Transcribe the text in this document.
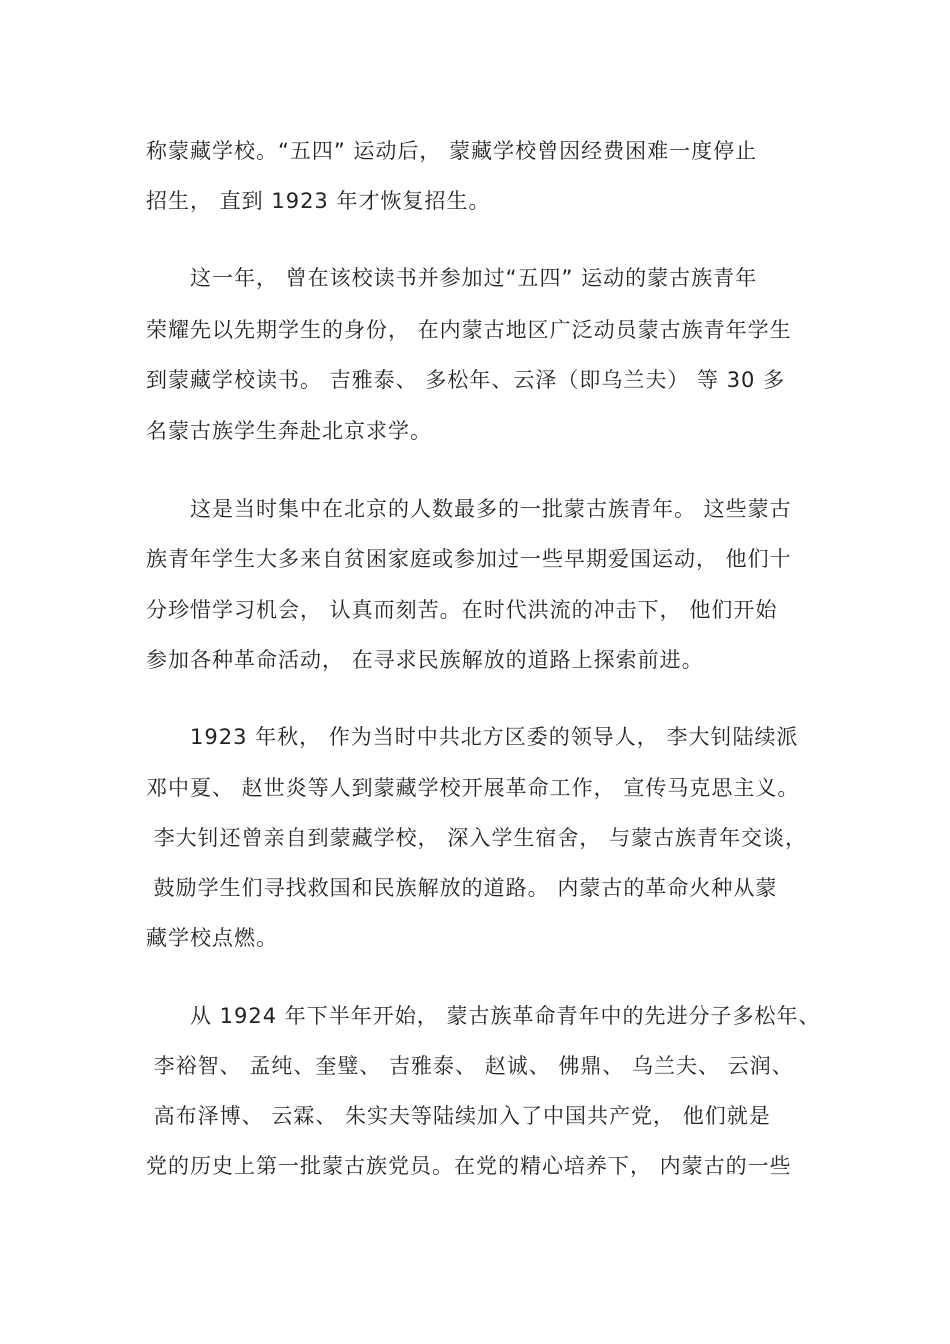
称蒙藏学校。“五四” 运动后， 蒙藏学校曾因经费困难一度停止
招生， 直到 1923 年才恢复招生。
　　这一年， 曾在该校读书并参加过“五四” 运动的蒙古族青年
荣耀先以先期学生的身份， 在内蒙古地区广泛动员蒙古族青年学生
到蒙藏学校读书。 吉雅泰、 多松年、云泽（即乌兰夫） 等 30 多
名蒙古族学生奔赴北京求学。
　　这是当时集中在北京的人数最多的一批蒙古族青年。 这些蒙古
族青年学生大多来自贫困家庭或参加过一些早期爱国运动， 他们十
分珍惜学习机会， 认真而刻苦。在时代洪流的冲击下， 他们开始
参加各种革命活动， 在寻求民族解放的道路上探索前进。
　　1923 年秋， 作为当时中共北方区委的领导人， 李大钊陆续派
邓中夏、 赵世炎等人到蒙藏学校开展革命工作， 宣传马克思主义。
李大钊还曾亲自到蒙藏学校， 深入学生宿舍， 与蒙古族青年交谈，
鼓励学生们寻找救国和民族解放的道路。 内蒙古的革命火种从蒙
藏学校点燃。
　　从 1924 年下半年开始， 蒙古族革命青年中的先进分子多松年、
李裕智、 孟纯、奎璧、 吉雅泰、 赵诚、 佛鼎、 乌兰夫、 云润、
高布泽博、 云霖、 朱实夫等陆续加入了中国共产党， 他们就是
党的历史上第一批蒙古族党员。在党的精心培养下， 内蒙古的一些
